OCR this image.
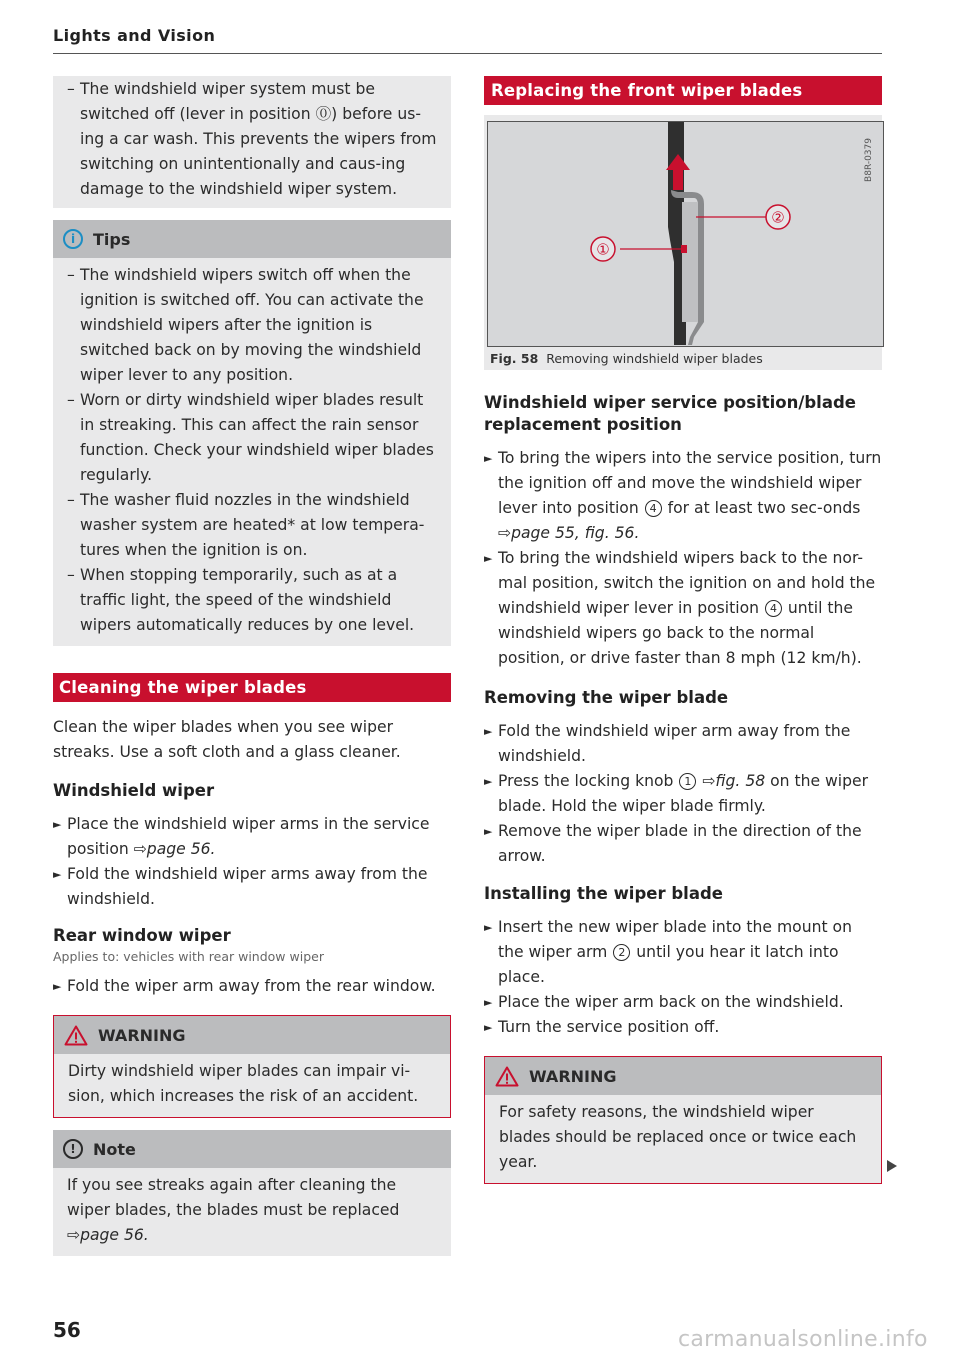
Lights and Vision
– The windshield wiper system must be switched off (lever in position ⓪) before us-ing a car wash. This prevents the wipers from switching on unintentionally and caus-ing damage to the windshield wiper system.
i	Tips
– The windshield wipers switch off when the ignition is switched off. You can activate the windshield wipers after the ignition is switched back on by moving the windshield wiper lever to any position.
– Worn or dirty windshield wiper blades result in streaking. This can affect the rain sensor function. Check your windshield wiper blades regularly.
– The washer fluid nozzles in the windshield washer system are heated* at low tempera-tures when the ignition is on.
– When stopping temporarily, such as at a traffic light, the speed of the windshield wipers automatically reduces by one level.
Cleaning the wiper blades

Clean the wiper blades when you see wiper streaks. Use a soft cloth and a glass cleaner.

Windshield wiper
► Place the windshield wiper arms in the service position ⇨page 56.
► Fold the windshield wiper arms away from the windshield.
Rear window wiper
Applies to: vehicles with rear window wiper
► Fold the wiper arm away from the rear window.
WARNING
Dirty windshield wiper blades can impair vi-sion, which increases the risk of an accident.
!	Note
If you see streaks again after cleaning the wiper blades, the blades must be replaced ⇨page 56.
Replacing the front wiper blades
B8R-0379
①
②
Fig. 58 Removing windshield wiper blades
Windshield wiper service position/blade replacement position
► To bring the wipers into the service position, turn the ignition off and move the windshield wiper lever into position 4 for at least two sec-onds ⇨page 55, fig. 56.
► To bring the windshield wipers back to the nor-mal position, switch the ignition on and hold the windshield wiper lever in position 4 until the windshield wipers go back to the normal position, or drive faster than 8 mph (12 km/h).
Removing the wiper blade
► Fold the windshield wiper arm away from the windshield.
► Press the locking knob 1 ⇨fig. 58 on the wiper blade. Hold the wiper blade firmly.
► Remove the wiper blade in the direction of the arrow.
Installing the wiper blade
► Insert the new wiper blade into the mount on the wiper arm 2 until you hear it latch into place.
► Place the wiper arm back on the windshield.
► Turn the service position off.
WARNING
For safety reasons, the windshield wiper blades should be replaced once or twice each year.
56	carmanualsonline.info
